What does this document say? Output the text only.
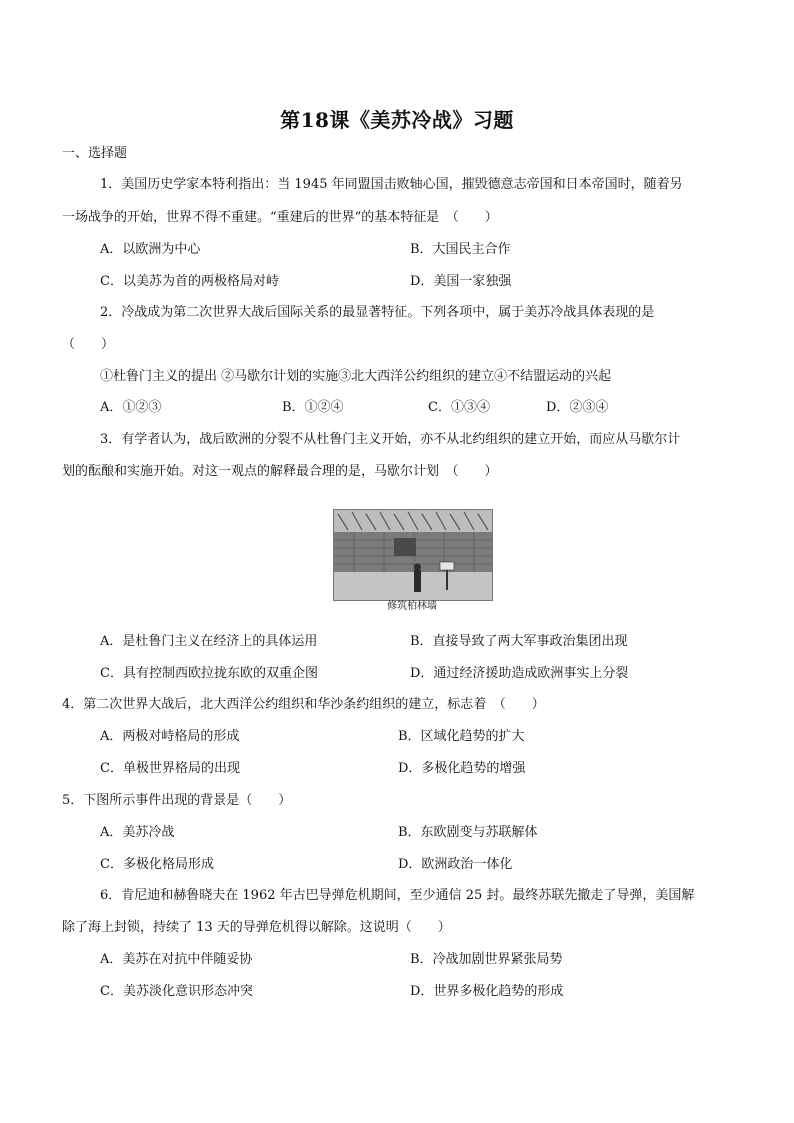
第18课《美苏冷战》习题
一、选择题
1．美国历史学家本特利指出：当 1945 年同盟国击败轴心国，摧毁德意志帝国和日本帝国时，随着另
一场战争的开始，世界不得不重建。“重建后的世界”的基本特征是　（　　）
A．以欧洲为中心	B．大国民主合作
C．以美苏为首的两极格局对峙	D．美国一家独强
2．冷战成为第二次世界大战后国际关系的最显著特征。下列各项中，属于美苏冷战具体表现的是
（　　）
①杜鲁门主义的提出 ②马歇尔计划的实施③北大西洋公约组织的建立④不结盟运动的兴起
A．①②③	B．①②④	C．①③④	D．②③④
3．有学者认为，战后欧洲的分裂不从杜鲁门主义开始，亦不从北约组织的建立开始，而应从马歇尔计
划的酝酿和实施开始。对这一观点的解释最合理的是，马歇尔计划　（　　）
修筑柏林墙
A．是杜鲁门主义在经济上的具体运用	B．直接导致了两大军事政治集团出现
C．具有控制西欧拉拢东欧的双重企图	D．通过经济援助造成欧洲事实上分裂
4．第二次世界大战后，北大西洋公约组织和华沙条约组织的建立，标志着　（　　）
A．两极对峙格局的形成	B．区域化趋势的扩大
C．单极世界格局的出现	D．多极化趋势的增强
5．下图所示事件出现的背景是（　　）
A．美苏冷战	B．东欧剧变与苏联解体
C．多极化格局形成	D．欧洲政治一体化
6．肯尼迪和赫鲁晓夫在 1962 年古巴导弹危机期间，至少通信 25 封。最终苏联先撤走了导弹，美国解
除了海上封锁，持续了 13 天的导弹危机得以解除。这说明（　　）
A．美苏在对抗中伴随妥协	B．冷战加剧世界紧张局势
C．美苏淡化意识形态冲突	D．世界多极化趋势的形成
